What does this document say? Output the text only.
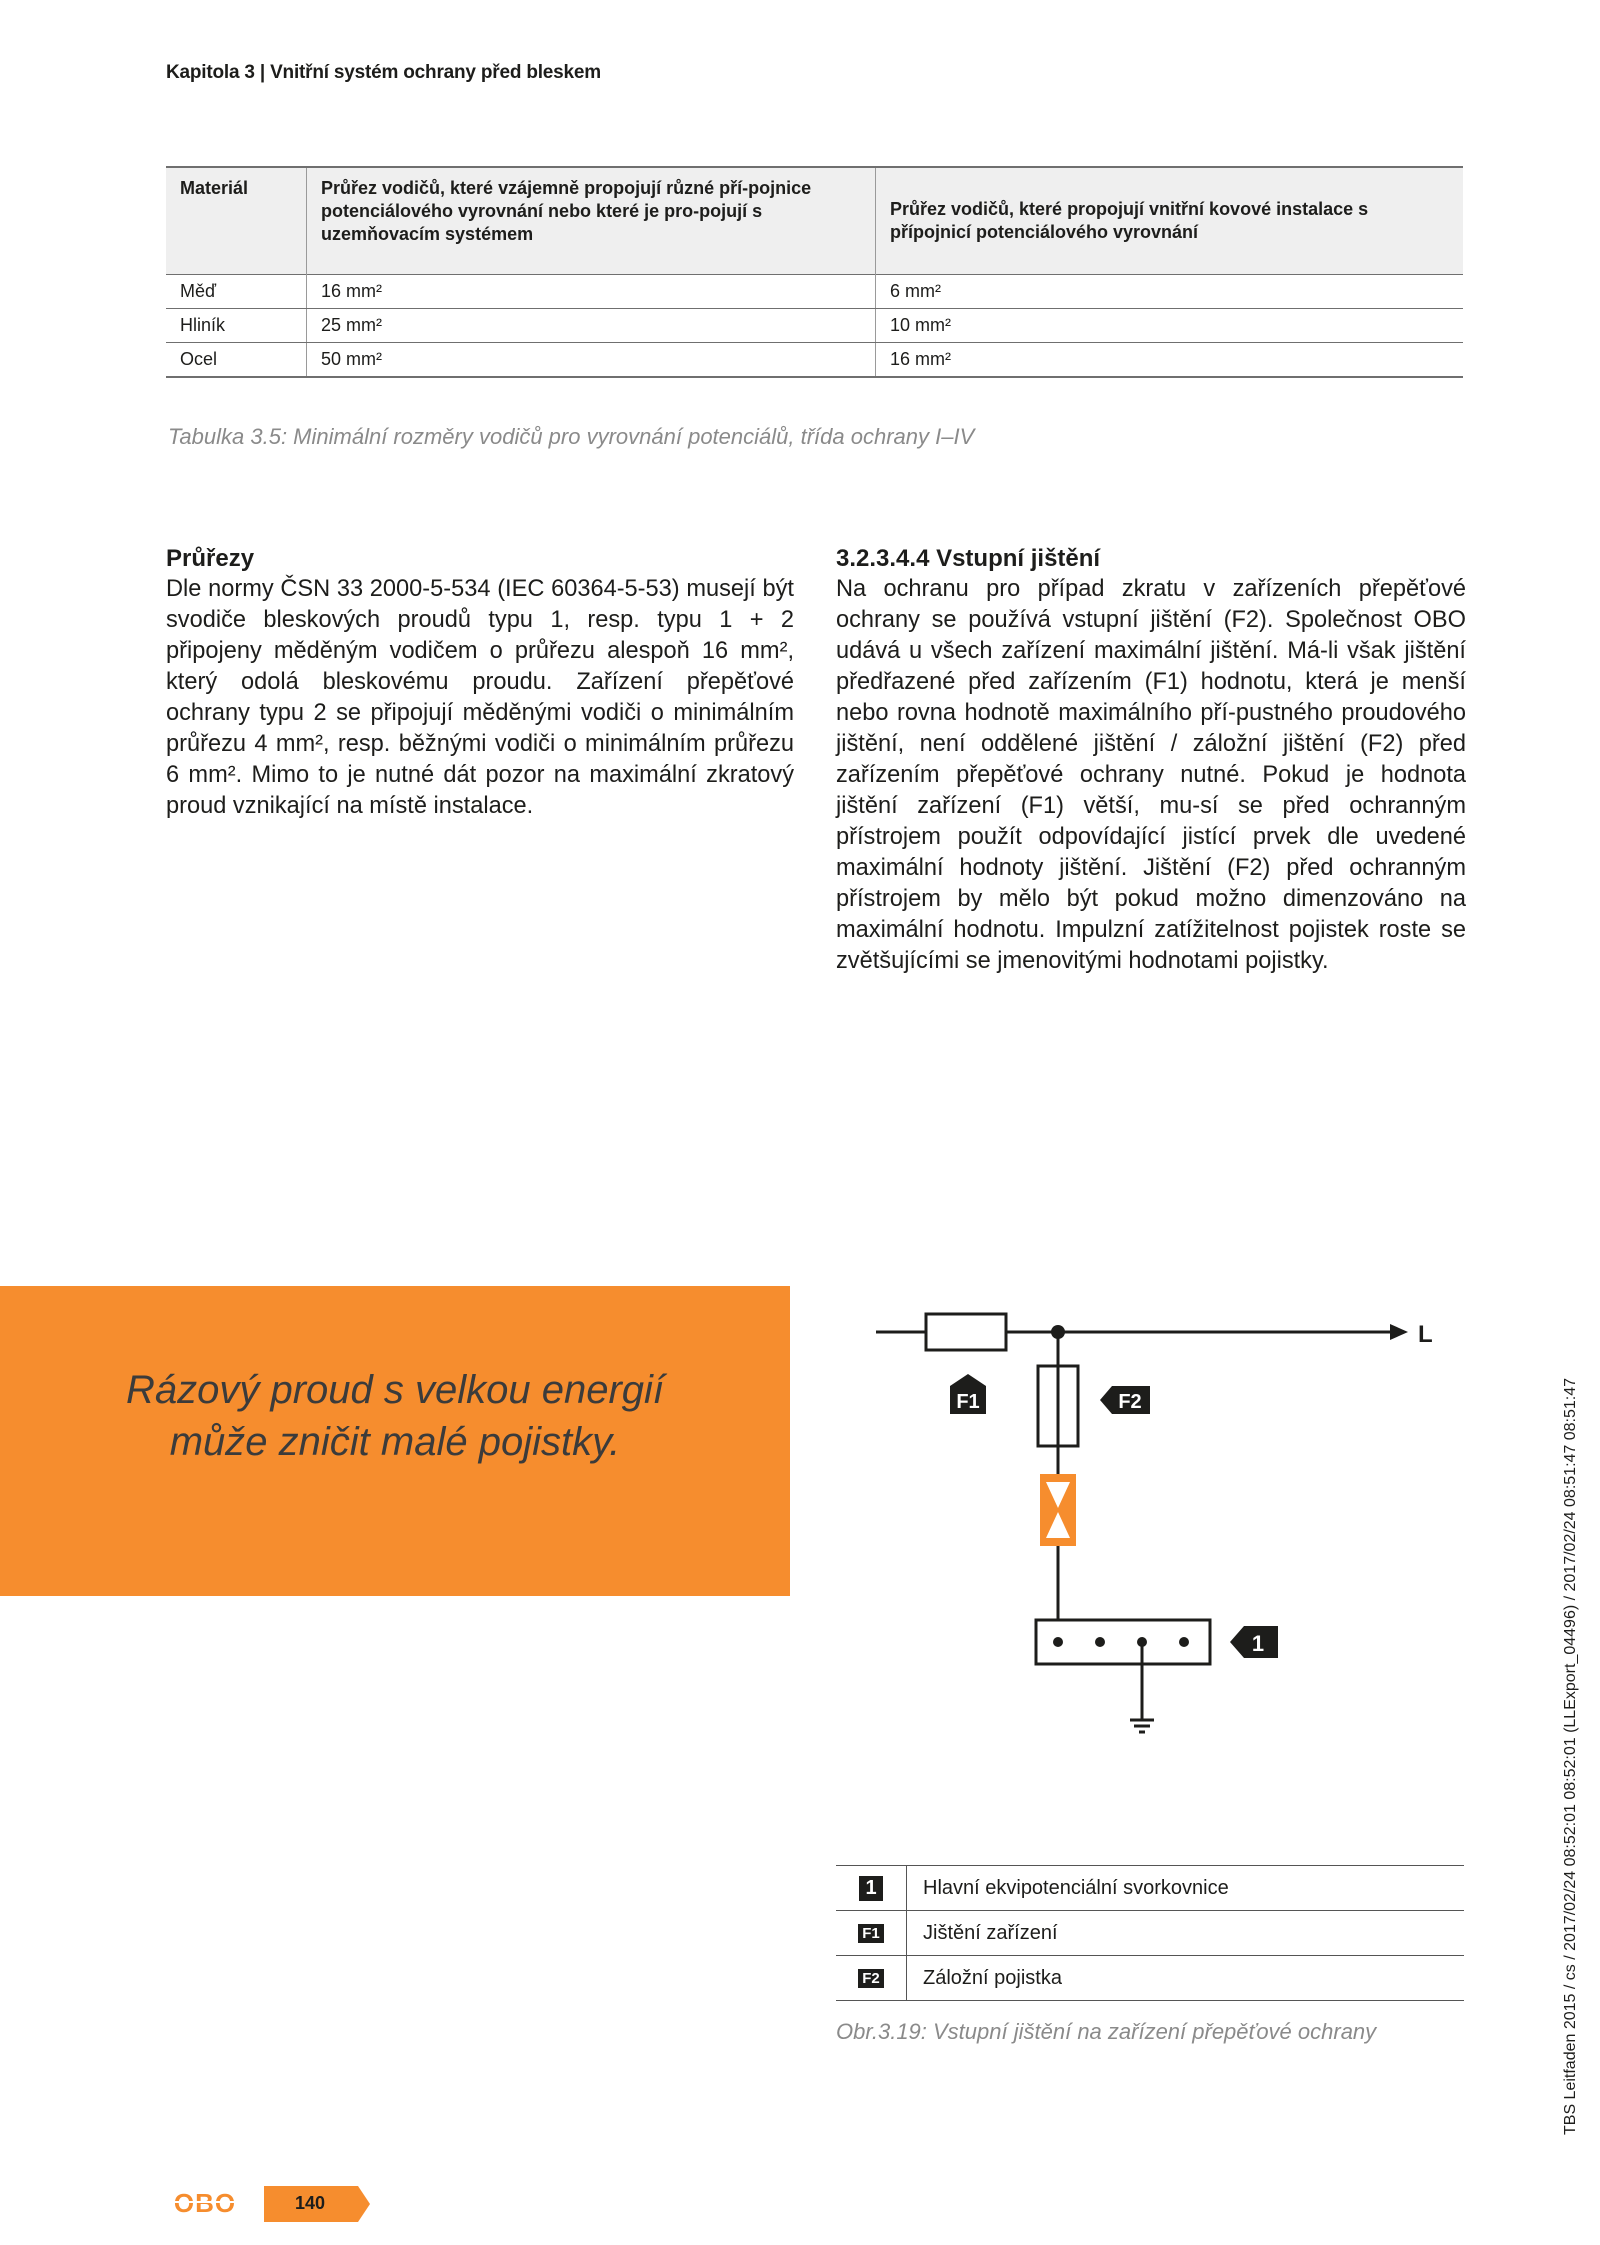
Kapitola 3 | Vnitřní systém ochrany před bleskem
Materiál	Průřez vodičů, které vzájemně propojují různé pří-pojnice potenciálového vyrovnání nebo které je pro-pojují s uzemňovacím systémem	Průřez vodičů, které propojují vnitřní kovové instalace s přípojnicí potenciálového vyrovnání
Měď	16 mm²	6 mm²
Hliník	25 mm²	10 mm²
Ocel	50 mm²	16 mm²
Tabulka 3.5: Minimální rozměry vodičů pro vyrovnání potenciálů, třída ochrany I–IV
Průřezy

Dle normy ČSN 33 2000-5-534 (IEC 60364-5-53) musejí být svodiče bleskových proudů typu 1, resp. typu 1 + 2 připojeny měděným vodičem o průřezu alespoň 16 mm², který odolá bleskovému proudu. Zařízení přepěťové ochrany typu 2 se připojují měděnými vodiči o minimálním průřezu 4 mm², resp. běžnými vodiči o minimálním průřezu 6 mm². Mimo to je nutné dát pozor na maximální zkratový proud vznikající na místě instalace.

3.2.3.4.4 Vstupní jištění

Na ochranu pro případ zkratu v zařízeních přepěťové ochrany se používá vstupní jištění (F2). Společnost OBO udává u všech zařízení maximální jištění. Má-li však jištění předřazené před zařízením (F1) hodnotu, která je menší nebo rovna hodnotě maximálního pří-pustného proudového jištění, není oddělené jištění / záložní jištění (F2) před zařízením přepěťové ochrany nutné. Pokud je hodnota jištění zařízení (F1) větší, mu-sí se před ochranným přístrojem použít odpovídající jistící prvek dle uvedené maximální hodnoty jištění. Jištění (F2) před ochranným přístrojem by mělo být pokud možno dimenzováno na maximální hodnotu. Impulzní zatížitelnost pojistek roste se zvětšujícími se jmenovitými hodnotami pojistky.

Rázový proud s velkou energií
může zničit malé pojistky.
L
F1	F2
1
1	Hlavní ekvipotenciální svorkovnice
F1	Jištění zařízení
F2	Záložní pojistka
Obr.3.19: Vstupní jištění na zařízení přepěťové ochrany	TBS Leitfaden 2015 / cs / 2017/02/24 08:52:01 08:52:01 (LLExport_04496) / 2017/02/24 08:51:47 08:51:47
OBO	140
